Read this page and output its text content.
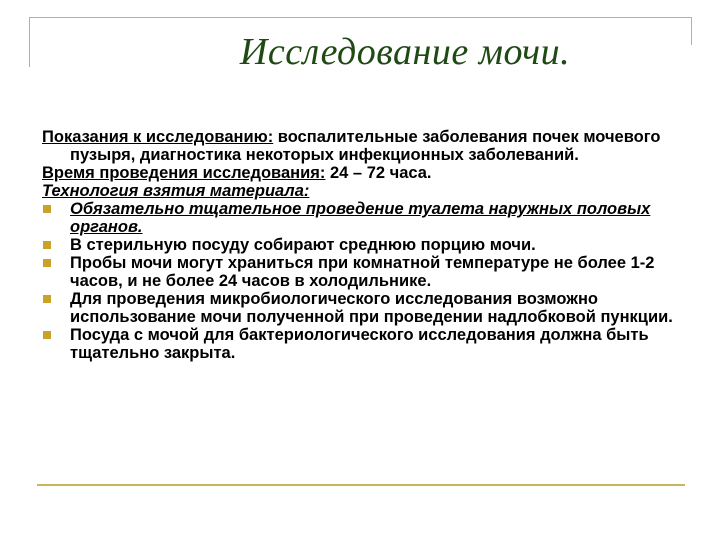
Исследование мочи.
Показания к исследованию: воспалительные заболевания почек мочевого пузыря, диагностика некоторых инфекционных заболеваний.
Время проведения исследования: 24 – 72 часа.
Технология взятия материала:
Обязательно тщательное проведение туалета наружных половых органов.
В стерильную посуду собирают среднюю порцию мочи.
Пробы мочи могут храниться при комнатной температуре не более 1-2 часов, и не более 24 часов в холодильнике.
Для проведения микробиологического исследования возможно использование мочи полученной при проведении надлобковой пункции.
Посуда с мочой для бактериологического исследования должна быть тщательно закрыта.
